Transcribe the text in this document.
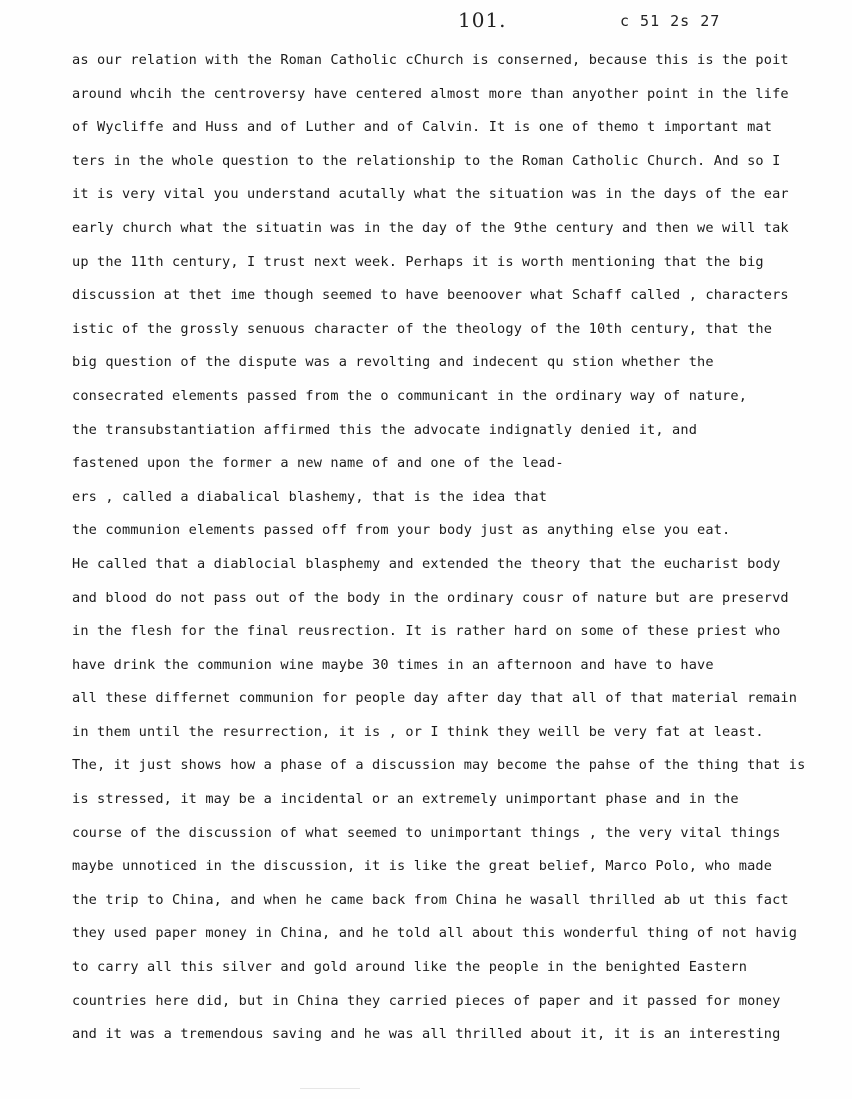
101.	c 51 2s 27
as our relation with the Roman Catholic cChurch is conserned, because this is the poit
around whcih the centroversy have centered almost more than anyother point in the life
of Wycliffe and Huss and of Luther and of Calvin. It is one of themo t important mat
ters in the whole question to the relationship to the Roman Catholic Church. And so I
it is very vital you understand acutally what the situation was in the days of the ear
early church what the situatin was in the day of the 9the century and then we will tak
up the 11th century, I trust next week. Perhaps it is worth mentioning that the big
discussion at thet ime though seemed to have beenoover what Schaff called , characters
istic of the grossly senuous character of the theology of the 10th century, that the
big question of the dispute was a revolting and indecent qu stion whether the
consecrated elements passed from the o communicant in the ordinary way of nature,
the transubstantiation affirmed this the advocate indignatly denied it, and
fastened upon the former a new name of and one of the lead-
ers , called a diabalical blashemy, that is the idea that
the communion elements passed off from your body just as anything else you eat.
He called that a diablocial blasphemy and extended the theory that the eucharist body
and blood do not pass out of the body in the ordinary cousr of nature but are preservd
in the flesh for the final reusrection. It is rather hard on some of these priest who
have drink the communion wine maybe 30 times in an afternoon and have to have
all these differnet communion for people day after day that all of that material remain
in them until the resurrection, it is , or I think they weill be very fat at least.
The, it just shows how a phase of a discussion may become the pahse of the thing that is
is stressed, it may be a incidental or an extremely unimportant phase and in the
course of the discussion of what seemed to unimportant things , the very vital things
maybe unnoticed in the discussion, it is like the great belief, Marco Polo, who made
the trip to China, and when he came back from China he wasall thrilled ab ut this fact
they used paper money in China, and he told all about this wonderful thing of not havig
to carry all this silver and gold around like the people in the benighted Eastern
countries here did, but in China they carried pieces of paper and it passed for money
and it was a tremendous saving and he was all thrilled about it, it is an interesting
